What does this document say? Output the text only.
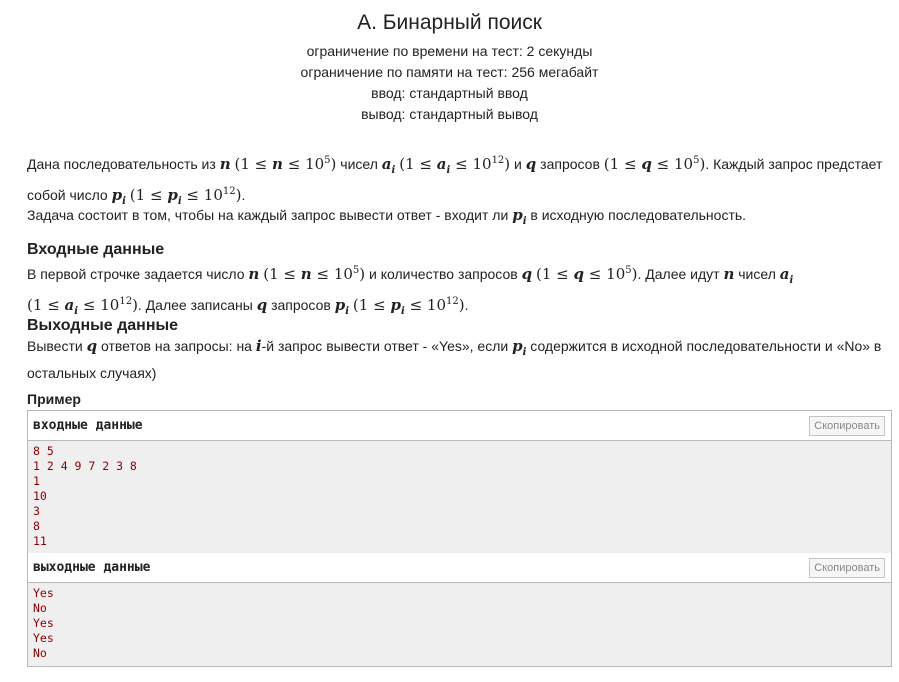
A. Бинарный поиск
ограничение по времени на тест: 2 секунды
ограничение по памяти на тест: 256 мегабайт
ввод: стандартный ввод
вывод: стандартный вывод
Дана последовательность из n $(1 \le n \le 10^5)$ чисел $a_i$ $(1 \le a_i \le 10^{12})$ и q запросов $(1 \le q \le 10^5)$. Каждый запрос предстает
собой число $p_i$ $(1 \le p_i \le 10^{12})$.
Задача состоит в том, чтобы на каждый запрос вывести ответ - входит ли $p_i$ в исходную последовательность.
Входные данные
В первой строчке задается число n $(1 \le n \le 10^5)$ и количество запросов q $(1 \le q \le 10^5)$. Далее идут n чисел $a_i$
$(1 \le a_i \le 10^{12})$. Далее записаны q запросов $p_i$ $(1 \le p_i \le 10^{12})$.
Выходные данные
Вывести q ответов на запросы: на i-й запрос вывести ответ - «Yes», если $p_i$ содержится в исходной последовательности и «No» в
остальных случаях)
Пример
входные данные	Скопировать
8 5
1 2 4 9 7 2 3 8
1
10
3
8
11
выходные данные	Скопировать
Yes
No
Yes
Yes
No
